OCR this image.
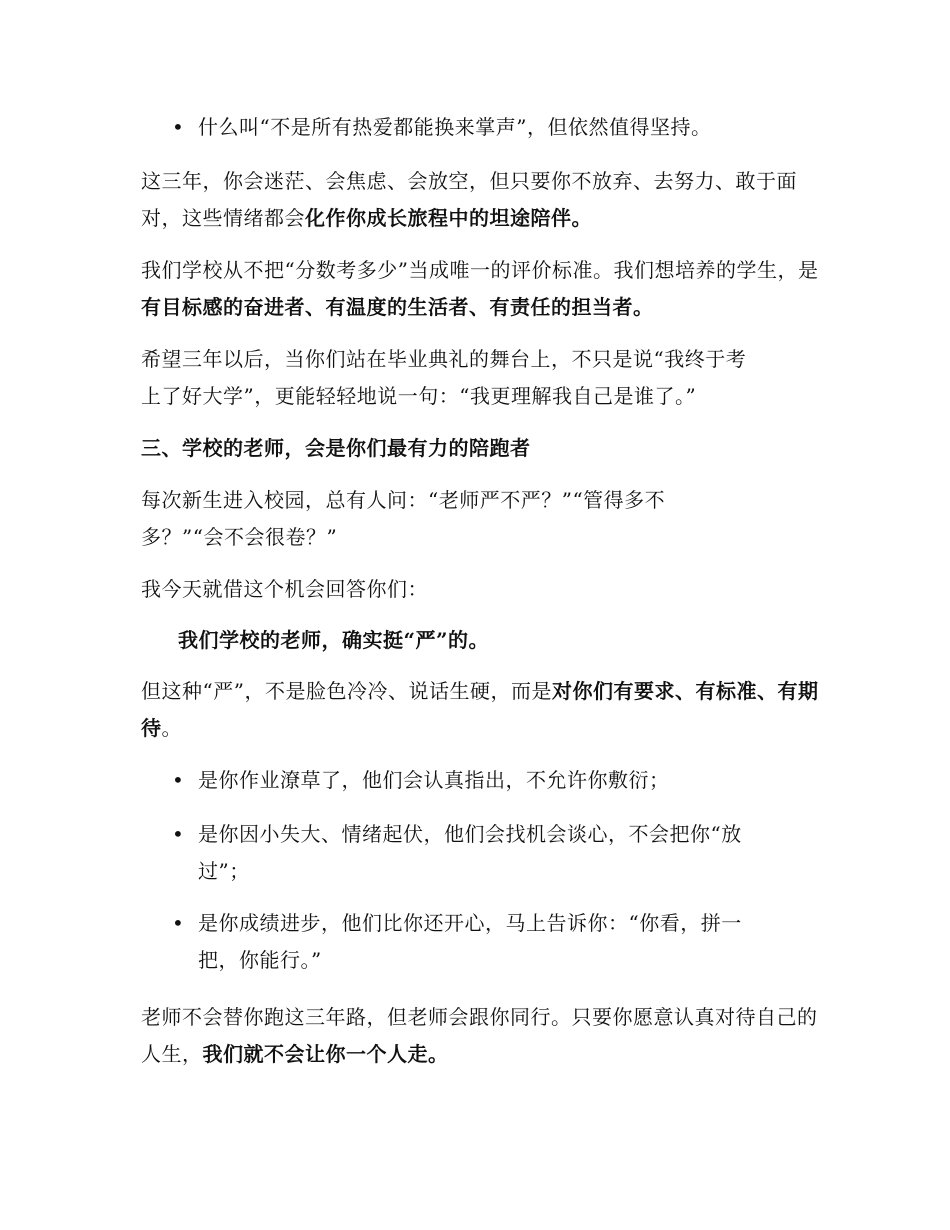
• 什么叫“不是所有热爱都能换来掌声”，但依然值得坚持。

这三年，你会迷茫、会焦虑、会放空，但只要你不放弃、去努力、敢于面对，这些情绪都会化作你成长旅程中的坦途陪伴。

我们学校从不把“分数考多少”当成唯一的评价标准。我们想培养的学生，是有目标感的奋进者、有温度的生活者、有责任的担当者。

希望三年以后，当你们站在毕业典礼的舞台上，不只是说“我终于考
上了好大学”，更能轻轻地说一句：“我更理解我自己是谁了。”
三、学校的老师，会是你们最有力的陪跑者
每次新生进入校园，总有人问：“老师严不严？”“管得多不
多？”“会不会很卷？”
我今天就借这个机会回答你们：
我们学校的老师，确实挺“严”的。

但这种“严”，不是脸色冷冷、说话生硬，而是对你们有要求、有标准、有期待。

• 是你作业潦草了，他们会认真指出，不允许你敷衍；
• 是你因小失大、情绪起伏，他们会找机会谈心，不会把你“放
过”；
• 是你成绩进步，他们比你还开心，马上告诉你：“你看，拼一
把，你能行。”

老师不会替你跑这三年路，但老师会跟你同行。只要你愿意认真对待自己的人生，我们就不会让你一个人走。
